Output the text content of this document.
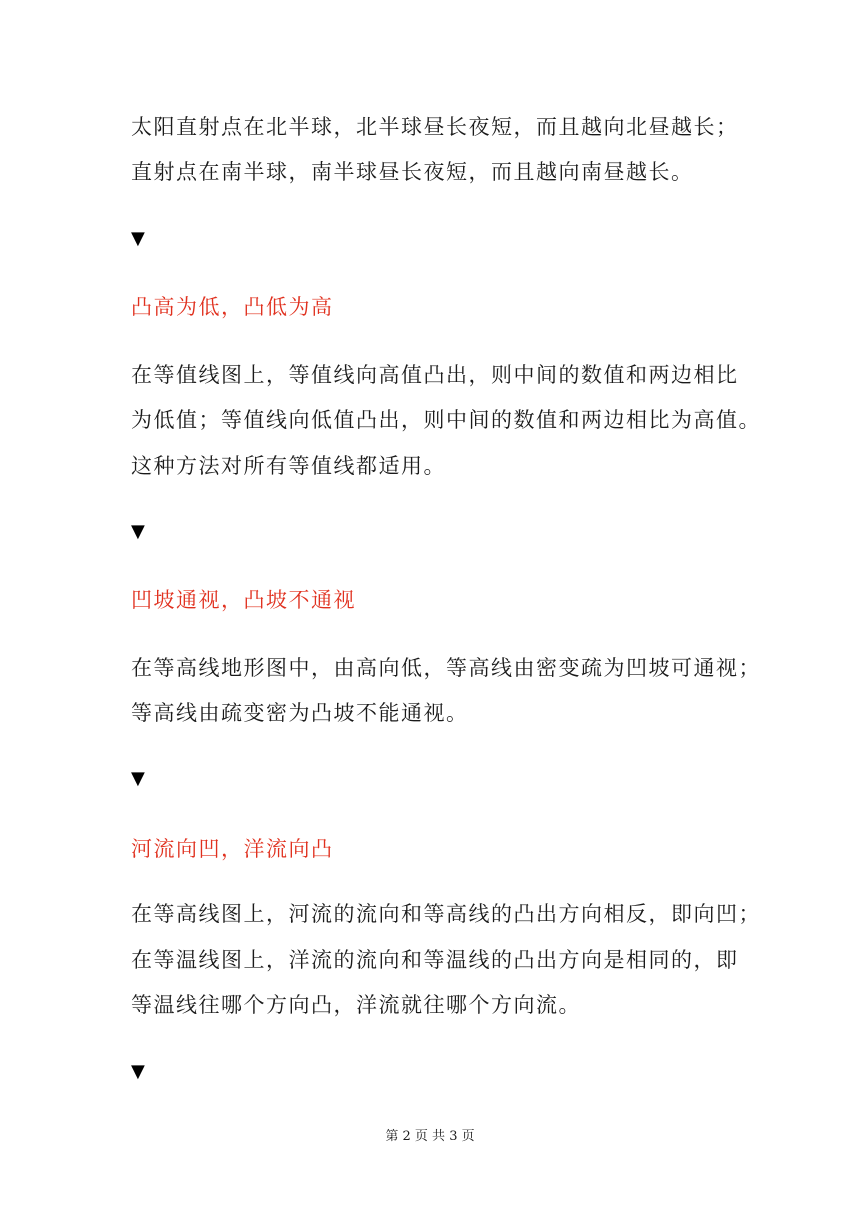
太阳直射点在北半球，北半球昼长夜短，而且越向北昼越长；
直射点在南半球，南半球昼长夜短，而且越向南昼越长。
▼
凸高为低，凸低为高
在等值线图上，等值线向高值凸出，则中间的数值和两边相比
为低值；等值线向低值凸出，则中间的数值和两边相比为高值。
这种方法对所有等值线都适用。
▼
凹坡通视，凸坡不通视
在等高线地形图中，由高向低，等高线由密变疏为凹坡可通视；
等高线由疏变密为凸坡不能通视。
▼
河流向凹，洋流向凸
在等高线图上，河流的流向和等高线的凸出方向相反，即向凹；
在等温线图上，洋流的流向和等温线的凸出方向是相同的，即
等温线往哪个方向凸，洋流就往哪个方向流。
▼
第 2 页 共 3 页
